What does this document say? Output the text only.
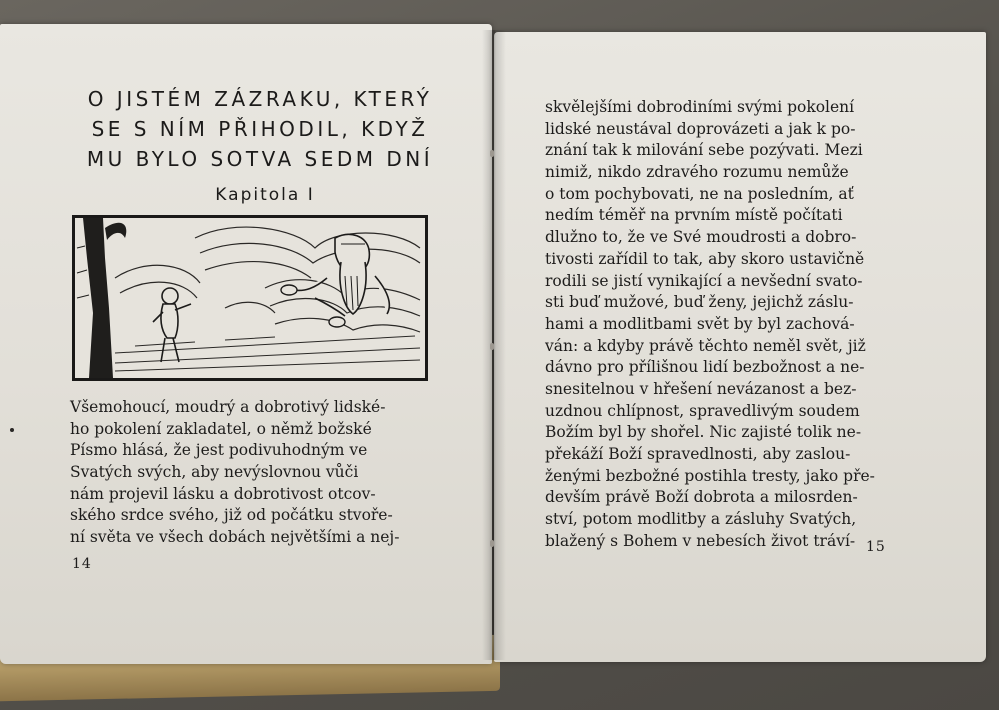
O JISTÉM ZÁZRAKU, KTERÝ
SE S NÍM PŘIHODIL, KDYŽ
MU BYLO SOTVA SEDM DNÍ
Kapitola I
Všemohoucí, moudrý a dobrotivý lidské-
ho pokolení zakladatel, o němž božské
Písmo hlásá, že jest podivuhodným ve
Svatých svých, aby nevýslovnou vůči
nám projevil lásku a dobrotivost otcov-
ského srdce svého, již od počátku stvoře-
ní světa ve všech dobách největšími a nej-
14
skvělejšími dobrodiními svými pokolení
lidské neustával doprovázeti a jak k po-
znání tak k milování sebe pozývati. Mezi
nimiž, nikdo zdravého rozumu nemůže
o tom pochybovati, ne na posledním, ať
nedím téměř na prvním místě počítati
dlužno to, že ve Své moudrosti a dobro-
tivosti zařídil to tak, aby skoro ustavičně
rodili se jistí vynikající a nevšední svato-
sti buď mužové, buď ženy, jejichž záslu-
hami a modlitbami svět by byl zachová-
ván: a kdyby právě těchto neměl svět, již
dávno pro přílišnou lidí bezbožnost a ne-
snesitelnou v hřešení nevázanost a bez-
uzdnou chlípnost, spravedlivým soudem
Božím byl by shořel. Nic zajisté tolik ne-
překáží Boží spravedlnosti, aby zaslou-
ženými bezbožné postihla tresty, jako pře-
devším právě Boží dobrota a milosrden-
ství, potom modlitby a zásluhy Svatých,
blažený s Bohem v nebesích život tráví- 15
